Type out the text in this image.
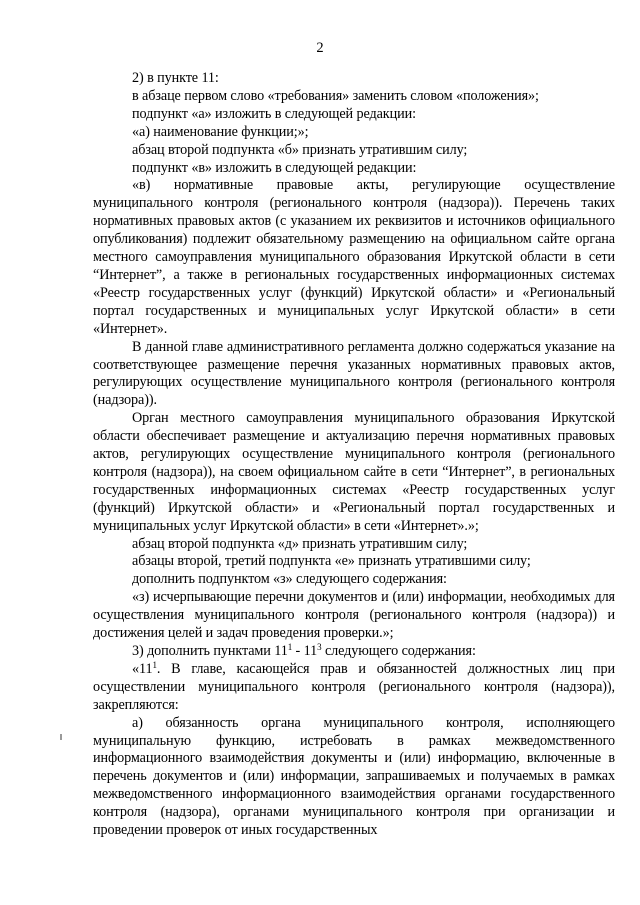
2

2) в пункте 11:

в абзаце первом слово «требования» заменить словом «положения»;

подпункт «а» изложить в следующей редакции:

«а) наименование функции;»;

абзац второй подпункта «б» признать утратившим силу;

подпункт «в» изложить в следующей редакции:

«в) нормативные правовые акты, регулирующие осуществление муниципального контроля (регионального контроля (надзора)). Перечень таких нормативных правовых актов (с указанием их реквизитов и источников официального опубликования) подлежит обязательному размещению на официальном сайте органа местного самоуправления муниципального образования Иркутской области в сети “Интернет”, а также в региональных государственных информационных системах «Реестр государственных услуг (функций) Иркутской области» и «Региональный портал государственных и муниципальных услуг Иркутской области» в сети «Интернет».

В данной главе административного регламента должно содержаться указание на соответствующее размещение перечня указанных нормативных правовых актов, регулирующих осуществление муниципального контроля (регионального контроля (надзора)).

Орган местного самоуправления муниципального образования Иркутской области обеспечивает размещение и актуализацию перечня нормативных правовых актов, регулирующих осуществление муниципального контроля (регионального контроля (надзора)), на своем официальном сайте в сети “Интернет”, в региональных государственных информационных системах «Реестр государственных услуг (функций) Иркутской области» и «Региональный портал государственных и муниципальных услуг Иркутской области» в сети «Интернет».»;

абзац второй подпункта «д» признать утратившим силу;

абзацы второй, третий подпункта «е» признать утратившими силу;

дополнить подпунктом «з» следующего содержания:

«з) исчерпывающие перечни документов и (или) информации, необходимых для осуществления муниципального контроля (регионального контроля (надзора)) и достижения целей и задач проведения проверки.»;

3) дополнить пунктами $11^1 - 11^3$ следующего содержания:

«$11^1$. В главе, касающейся прав и обязанностей должностных лиц при осуществлении муниципального контроля (регионального контроля (надзора)), закрепляются:

а) обязанность органа муниципального контроля, исполняющего муниципальную функцию, истребовать в рамках межведомственного информационного взаимодействия документы и (или) информацию, включенные в перечень документов и (или) информации, запрашиваемых и получаемых в рамках межведомственного информационного взаимодействия органами государственного контроля (надзора), органами муниципального контроля при организации и проведении проверок от иных государственных
